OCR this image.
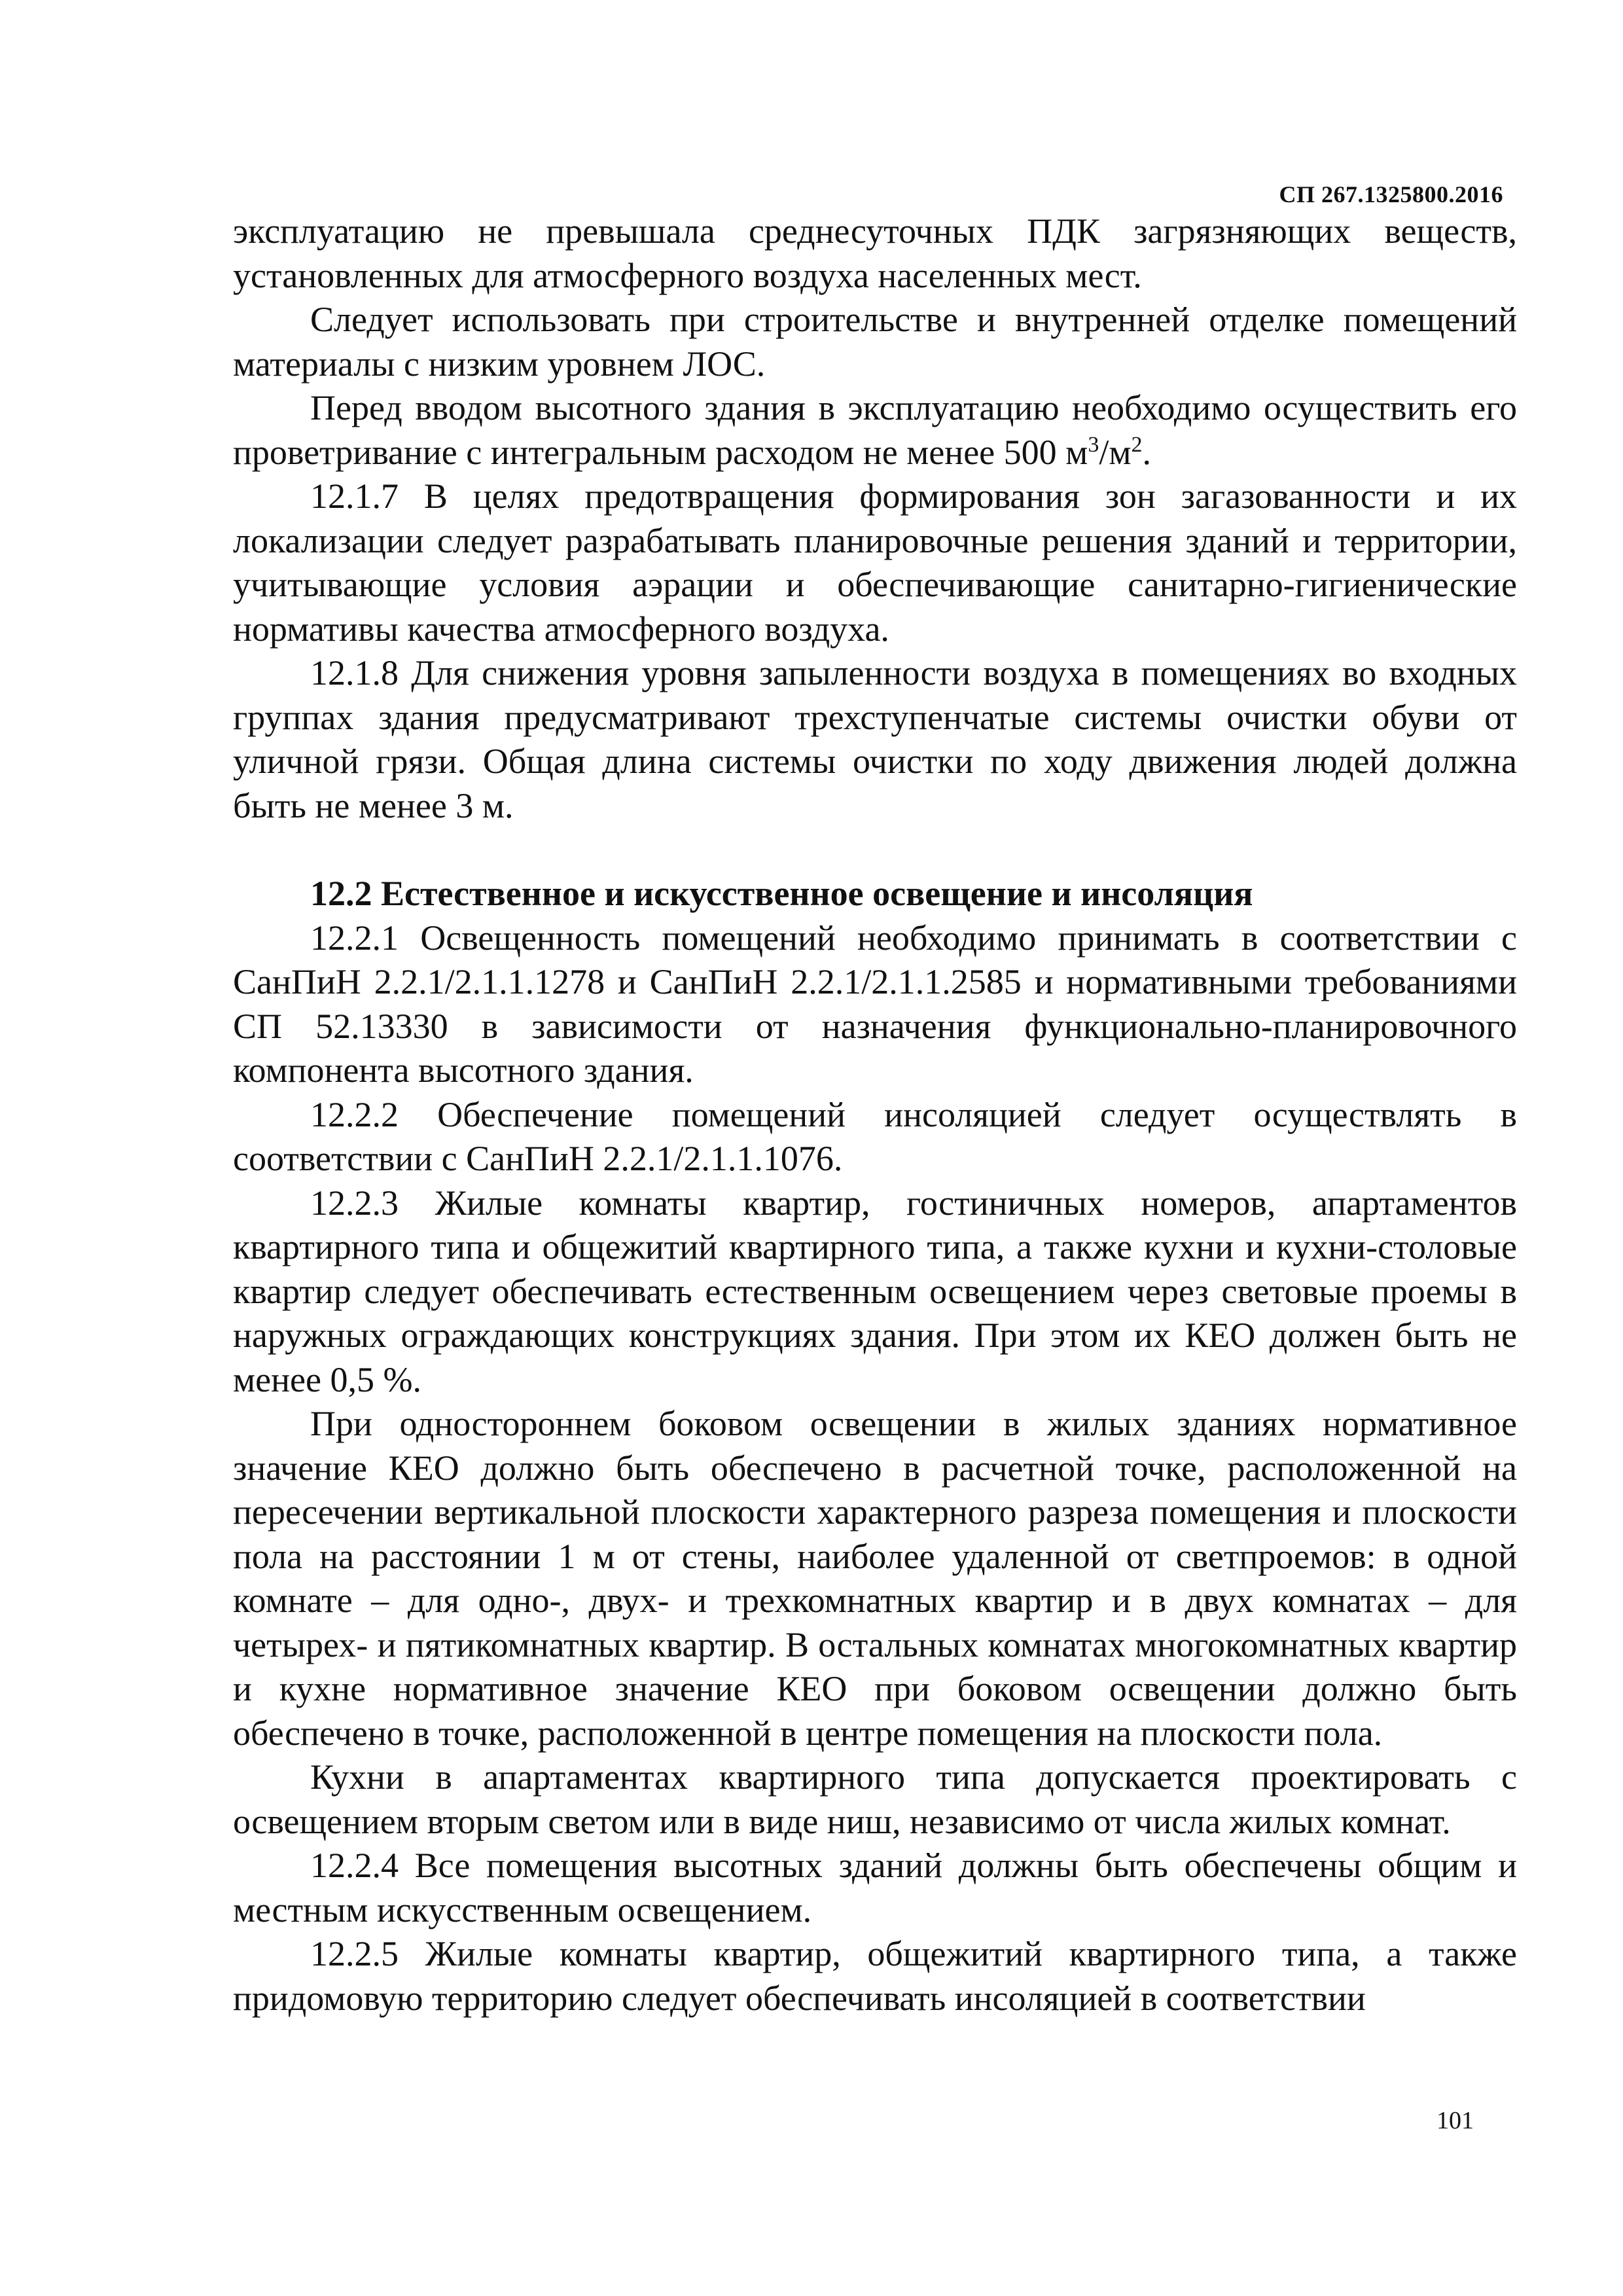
СП 267.1325800.2016

эксплуатацию не превышала среднесуточных ПДК загрязняющих веществ, установленных для атмосферного воздуха населенных мест.

Следует использовать при строительстве и внутренней отделке помещений материалы с низким уровнем ЛОС.

Перед вводом высотного здания в эксплуатацию необходимо осуществить его проветривание с интегральным расходом не менее 500 $м^3/м^2$.

12.1.7 В целях предотвращения формирования зон загазованности и их локализации следует разрабатывать планировочные решения зданий и территории, учитывающие условия аэрации и обеспечивающие санитарно-гигиенические нормативы качества атмосферного воздуха.

12.1.8 Для снижения уровня запыленности воздуха в помещениях во входных группах здания предусматривают трехступенчатые системы очистки обуви от уличной грязи. Общая длина системы очистки по ходу движения людей должна быть не менее 3 м.

12.2 Естественное и искусственное освещение и инсоляция

12.2.1 Освещенность помещений необходимо принимать в соответствии с СанПиН 2.2.1/2.1.1.1278 и СанПиН 2.2.1/2.1.1.2585 и нормативными требованиями СП 52.13330 в зависимости от назначения функционально-планировочного компонента высотного здания.

12.2.2 Обеспечение помещений инсоляцией следует осуществлять в соответствии с СанПиН 2.2.1/2.1.1.1076.

12.2.3 Жилые комнаты квартир, гостиничных номеров, апартаментов квартирного типа и общежитий квартирного типа, а также кухни и кухни-столовые квартир следует обеспечивать естественным освещением через световые проемы в наружных ограждающих конструкциях здания. При этом их КЕО должен быть не менее 0,5 %.

При одностороннем боковом освещении в жилых зданиях нормативное значение КЕО должно быть обеспечено в расчетной точке, расположенной на пересечении вертикальной плоскости характерного разреза помещения и плоскости пола на расстоянии 1 м от стены, наиболее удаленной от светпроемов: в одной комнате – для одно-, двух- и трехкомнатных квартир и в двух комнатах – для четырех- и пятикомнатных квартир. В остальных комнатах многокомнатных квартир и кухне нормативное значение КЕО при боковом освещении должно быть обеспечено в точке, расположенной в центре помещения на плоскости пола.

Кухни в апартаментах квартирного типа допускается проектировать с освещением вторым светом или в виде ниш, независимо от числа жилых комнат.

12.2.4 Все помещения высотных зданий должны быть обеспечены общим и местным искусственным освещением.

12.2.5 Жилые комнаты квартир, общежитий квартирного типа, а также придомовую территорию следует обеспечивать инсоляцией в соответствии

101
